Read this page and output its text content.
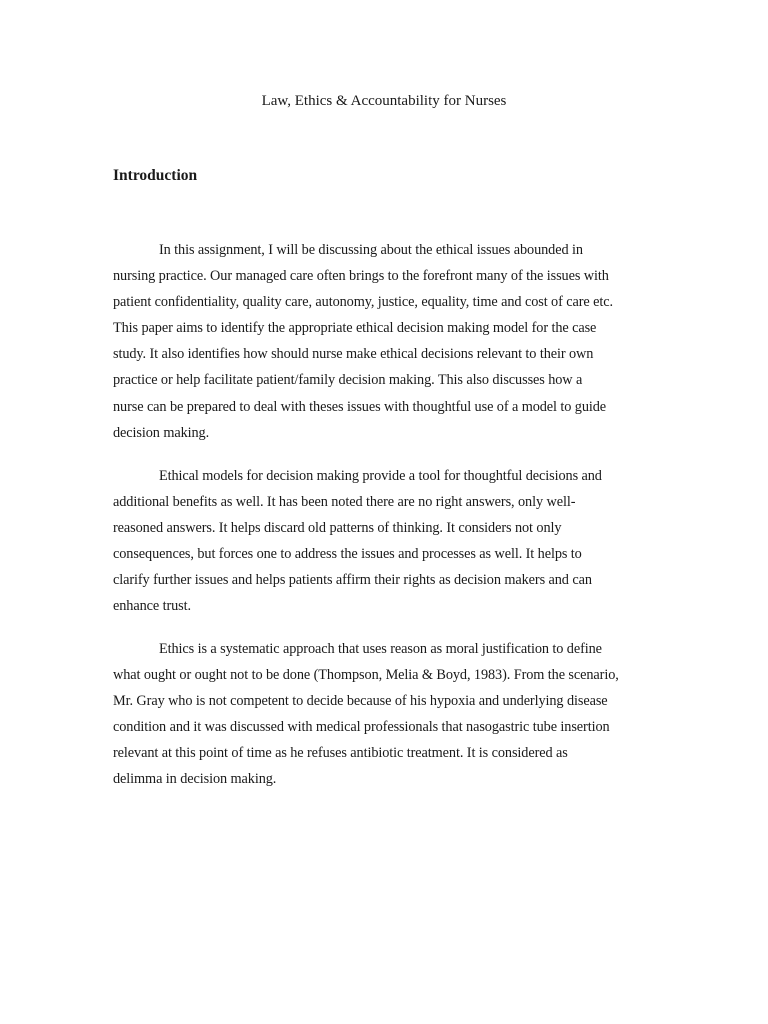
Law, Ethics & Accountability for Nurses
Introduction

In this assignment, I will be discussing about the ethical issues abounded in
nursing practice. Our managed care often brings to the forefront many of the issues with
patient confidentiality, quality care, autonomy, justice, equality, time and cost of care etc.
This paper aims to identify the appropriate ethical decision making model for the case
study. It also identifies how should nurse make ethical decisions relevant to their own
practice or help facilitate patient/family decision making. This also discusses how a
nurse can be prepared to deal with theses issues with thoughtful use of a model to guide
decision making.

Ethical models for decision making provide a tool for thoughtful decisions and
additional benefits as well. It has been noted there are no right answers, only well-
reasoned answers. It helps discard old patterns of thinking. It considers not only
consequences, but forces one to address the issues and processes as well. It helps to
clarify further issues and helps patients affirm their rights as decision makers and can
enhance trust.

Ethics is a systematic approach that uses reason as moral justification to define
what ought or ought not to be done (Thompson, Melia & Boyd, 1983). From the scenario,
Mr. Gray who is not competent to decide because of his hypoxia and underlying disease
condition and it was discussed with medical professionals that nasogastric tube insertion
relevant at this point of time as he refuses antibiotic treatment. It is considered as
delimma in decision making.
